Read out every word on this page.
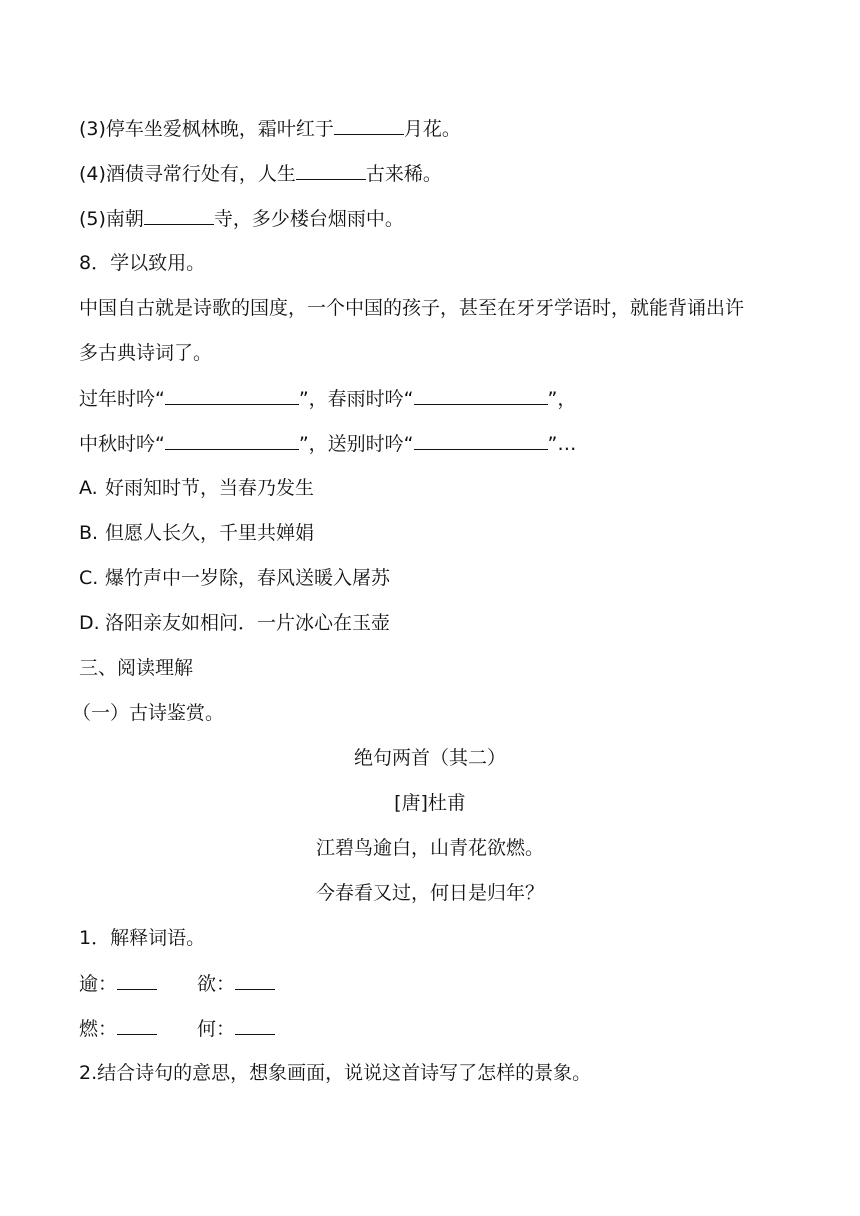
(3)停车坐爱枫林晚，霜叶红于	月花。
(4)酒债寻常行处有，人生	古来稀。
(5)南朝	寺，多少楼台烟雨中。
8．学以致用。
中国自古就是诗歌的国度，一个中国的孩子，甚至在牙牙学语时，就能背诵出许
多古典诗词了。
过年时吟“	”，春雨时吟“	”，
中秋时吟“	”，送别时吟“	”…
A. 好雨知时节，当春乃发生
B. 但愿人长久，千里共婵娟
C. 爆竹声中一岁除，春风送暖入屠苏
D. 洛阳亲友如相问．一片冰心在玉壶
三、阅读理解
（一）古诗鉴赏。
绝句两首（其二）
[唐]杜甫
江碧鸟逾白，山青花欲燃。
今春看又过，何日是归年？
1．解释词语。
逾：	欲：
燃：	何：
2.结合诗句的意思，想象画面，说说这首诗写了怎样的景象。
